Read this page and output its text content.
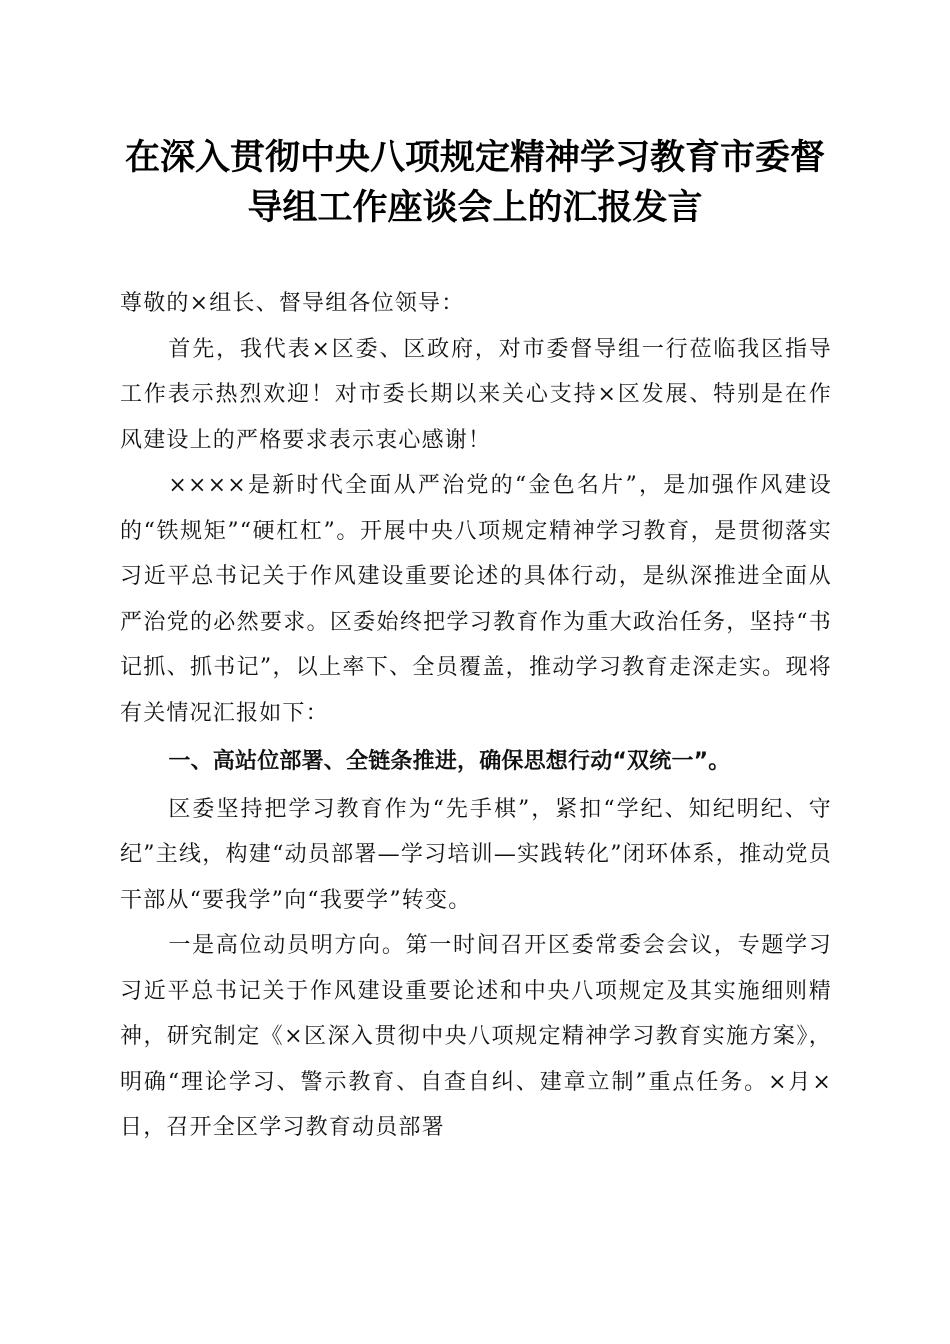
在深入贯彻中央八项规定精神学习教育市委督
导组工作座谈会上的汇报发言

尊敬的×组长、督导组各位领导：

首先，我代表×区委、区政府，对市委督导组一行莅临我区指导工作表示热烈欢迎！对市委长期以来关心支持×区发展、特别是在作风建设上的严格要求表示衷心感谢！

××××是新时代全面从严治党的“金色名片”，是加强作风建设的“铁规矩”“硬杠杠”。开展中央八项规定精神学习教育，是贯彻落实习近平总书记关于作风建设重要论述的具体行动，是纵深推进全面从严治党的必然要求。区委始终把学习教育作为重大政治任务，坚持“书记抓、抓书记”，以上率下、全员覆盖，推动学习教育走深走实。现将有关情况汇报如下：

一、高站位部署、全链条推进，确保思想行动“双统一”。

区委坚持把学习教育作为“先手棋”，紧扣“学纪、知纪明纪、守纪”主线，构建“动员部署—学习培训—实践转化”闭环体系，推动党员干部从“要我学”向“我要学”转变。

一是高位动员明方向。第一时间召开区委常委会会议，专题学习习近平总书记关于作风建设重要论述和中央八项规定及其实施细则精神，研究制定《×区深入贯彻中央八项规定精神学习教育实施方案》，明确“理论学习、警示教育、自查自纠、建章立制”重点任务。×月×日，召开全区学习教育动员部署
